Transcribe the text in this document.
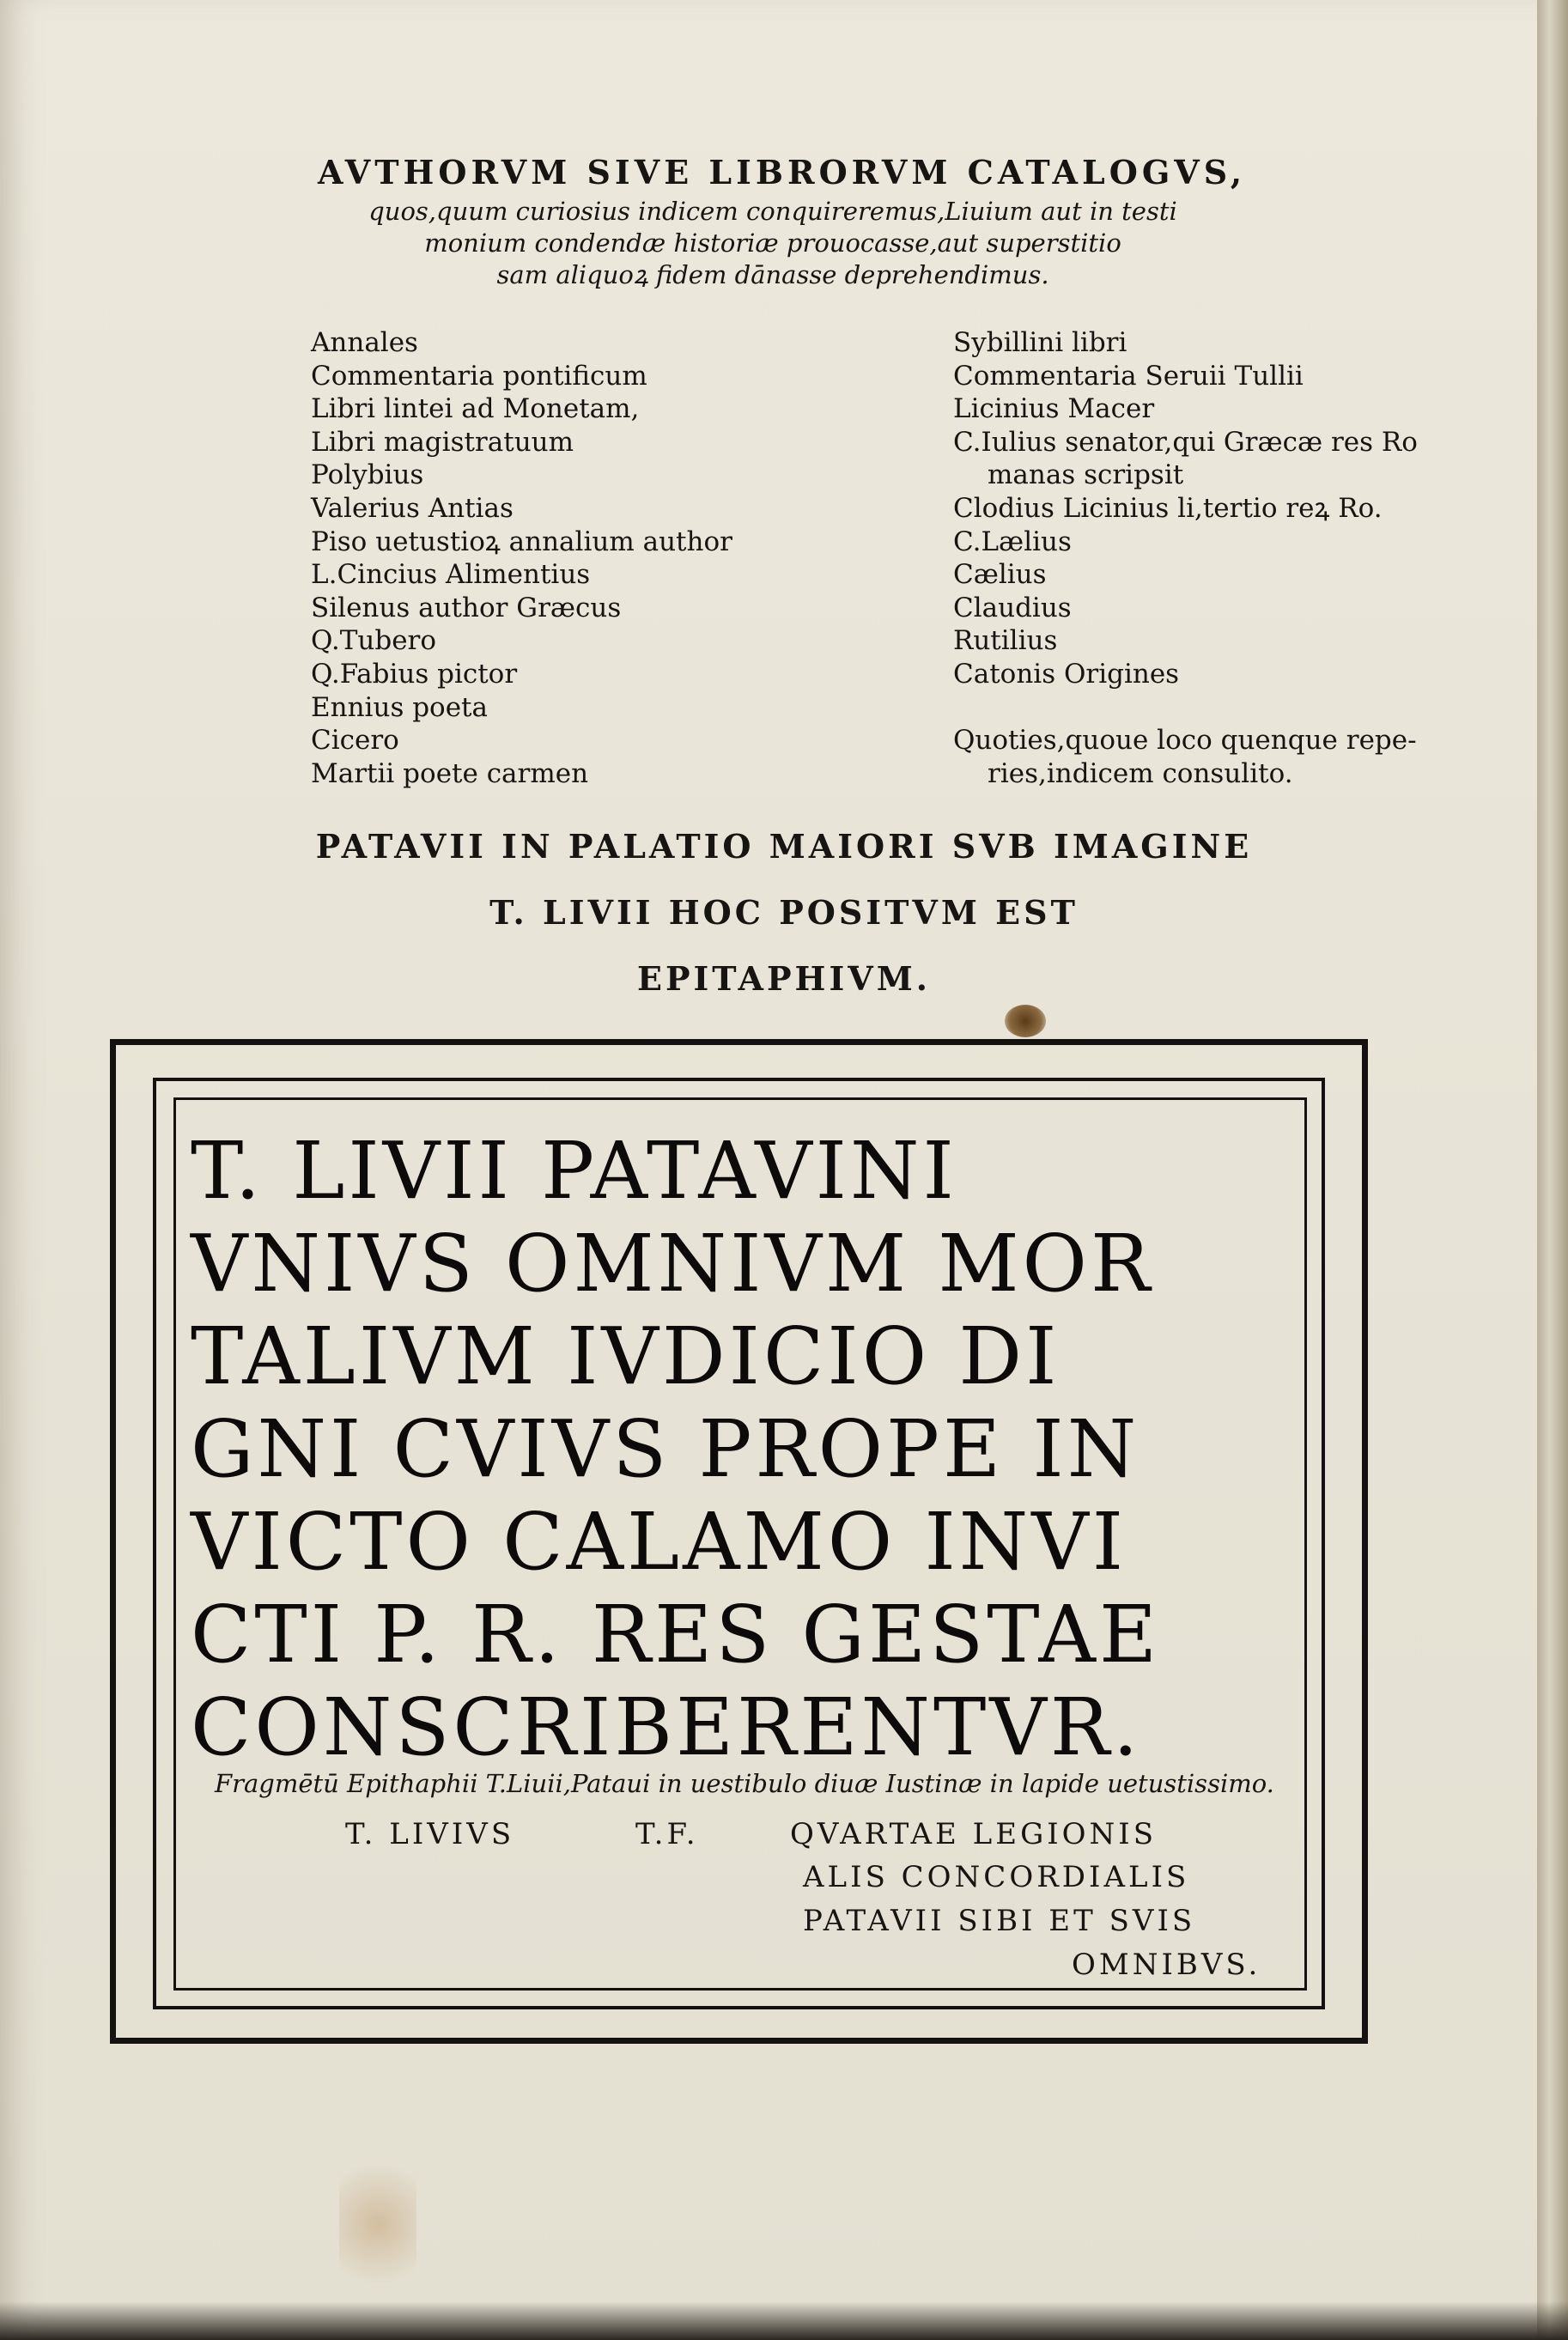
AVTHORVM SIVE LIBRORVM CATALOGVS,
quos,quum curiosius indicem conquireremus,Liuium aut in testi
monium condendæ historiæ prouocasse,aut superstitio
sam aliquoꝝ fidem dānasse deprehendimus.
Annales
Commentaria pontificum
Libri lintei ad Monetam,
Libri magistratuum
Polybius
Valerius Antias
Piso uetustioꝝ annalium author
L.Cincius Alimentius
Silenus author Græcus
Q.Tubero
Q.Fabius pictor
Ennius poeta
Cicero
Martii poete carmen
Sybillini libri
Commentaria Seruii Tullii
Licinius Macer
C.Iulius senator,qui Græcæ res Ro
manas scripsit
Clodius Licinius li,tertio reꝝ Ro.
C.Lælius
Cælius
Claudius
Rutilius
Catonis Origines

Quoties,quoue loco quenque repe-
ries,indicem consulito.
PATAVII IN PALATIO MAIORI SVB IMAGINE
T. LIVII HOC POSITVM EST
EPITAPHIVM.
T. LIVII PATAVINI
VNIVS OMNIVM MOR
TALIVM IVDICIO DI
GNI CVIVS PROPE IN
VICTO CALAMO INVI
CTI P. R. RES GESTAE
CONSCRIBERENTVR.
Fragmētū Epithaphii T.Liuii,Pataui in uestibulo diuæ Iustinæ in lapide uetustissimo.
T. LIVIVS	T.F.	QVARTAE LEGIONIS
ALIS CONCORDIALIS
PATAVII SIBI ET SVIS
OMNIBVS.
